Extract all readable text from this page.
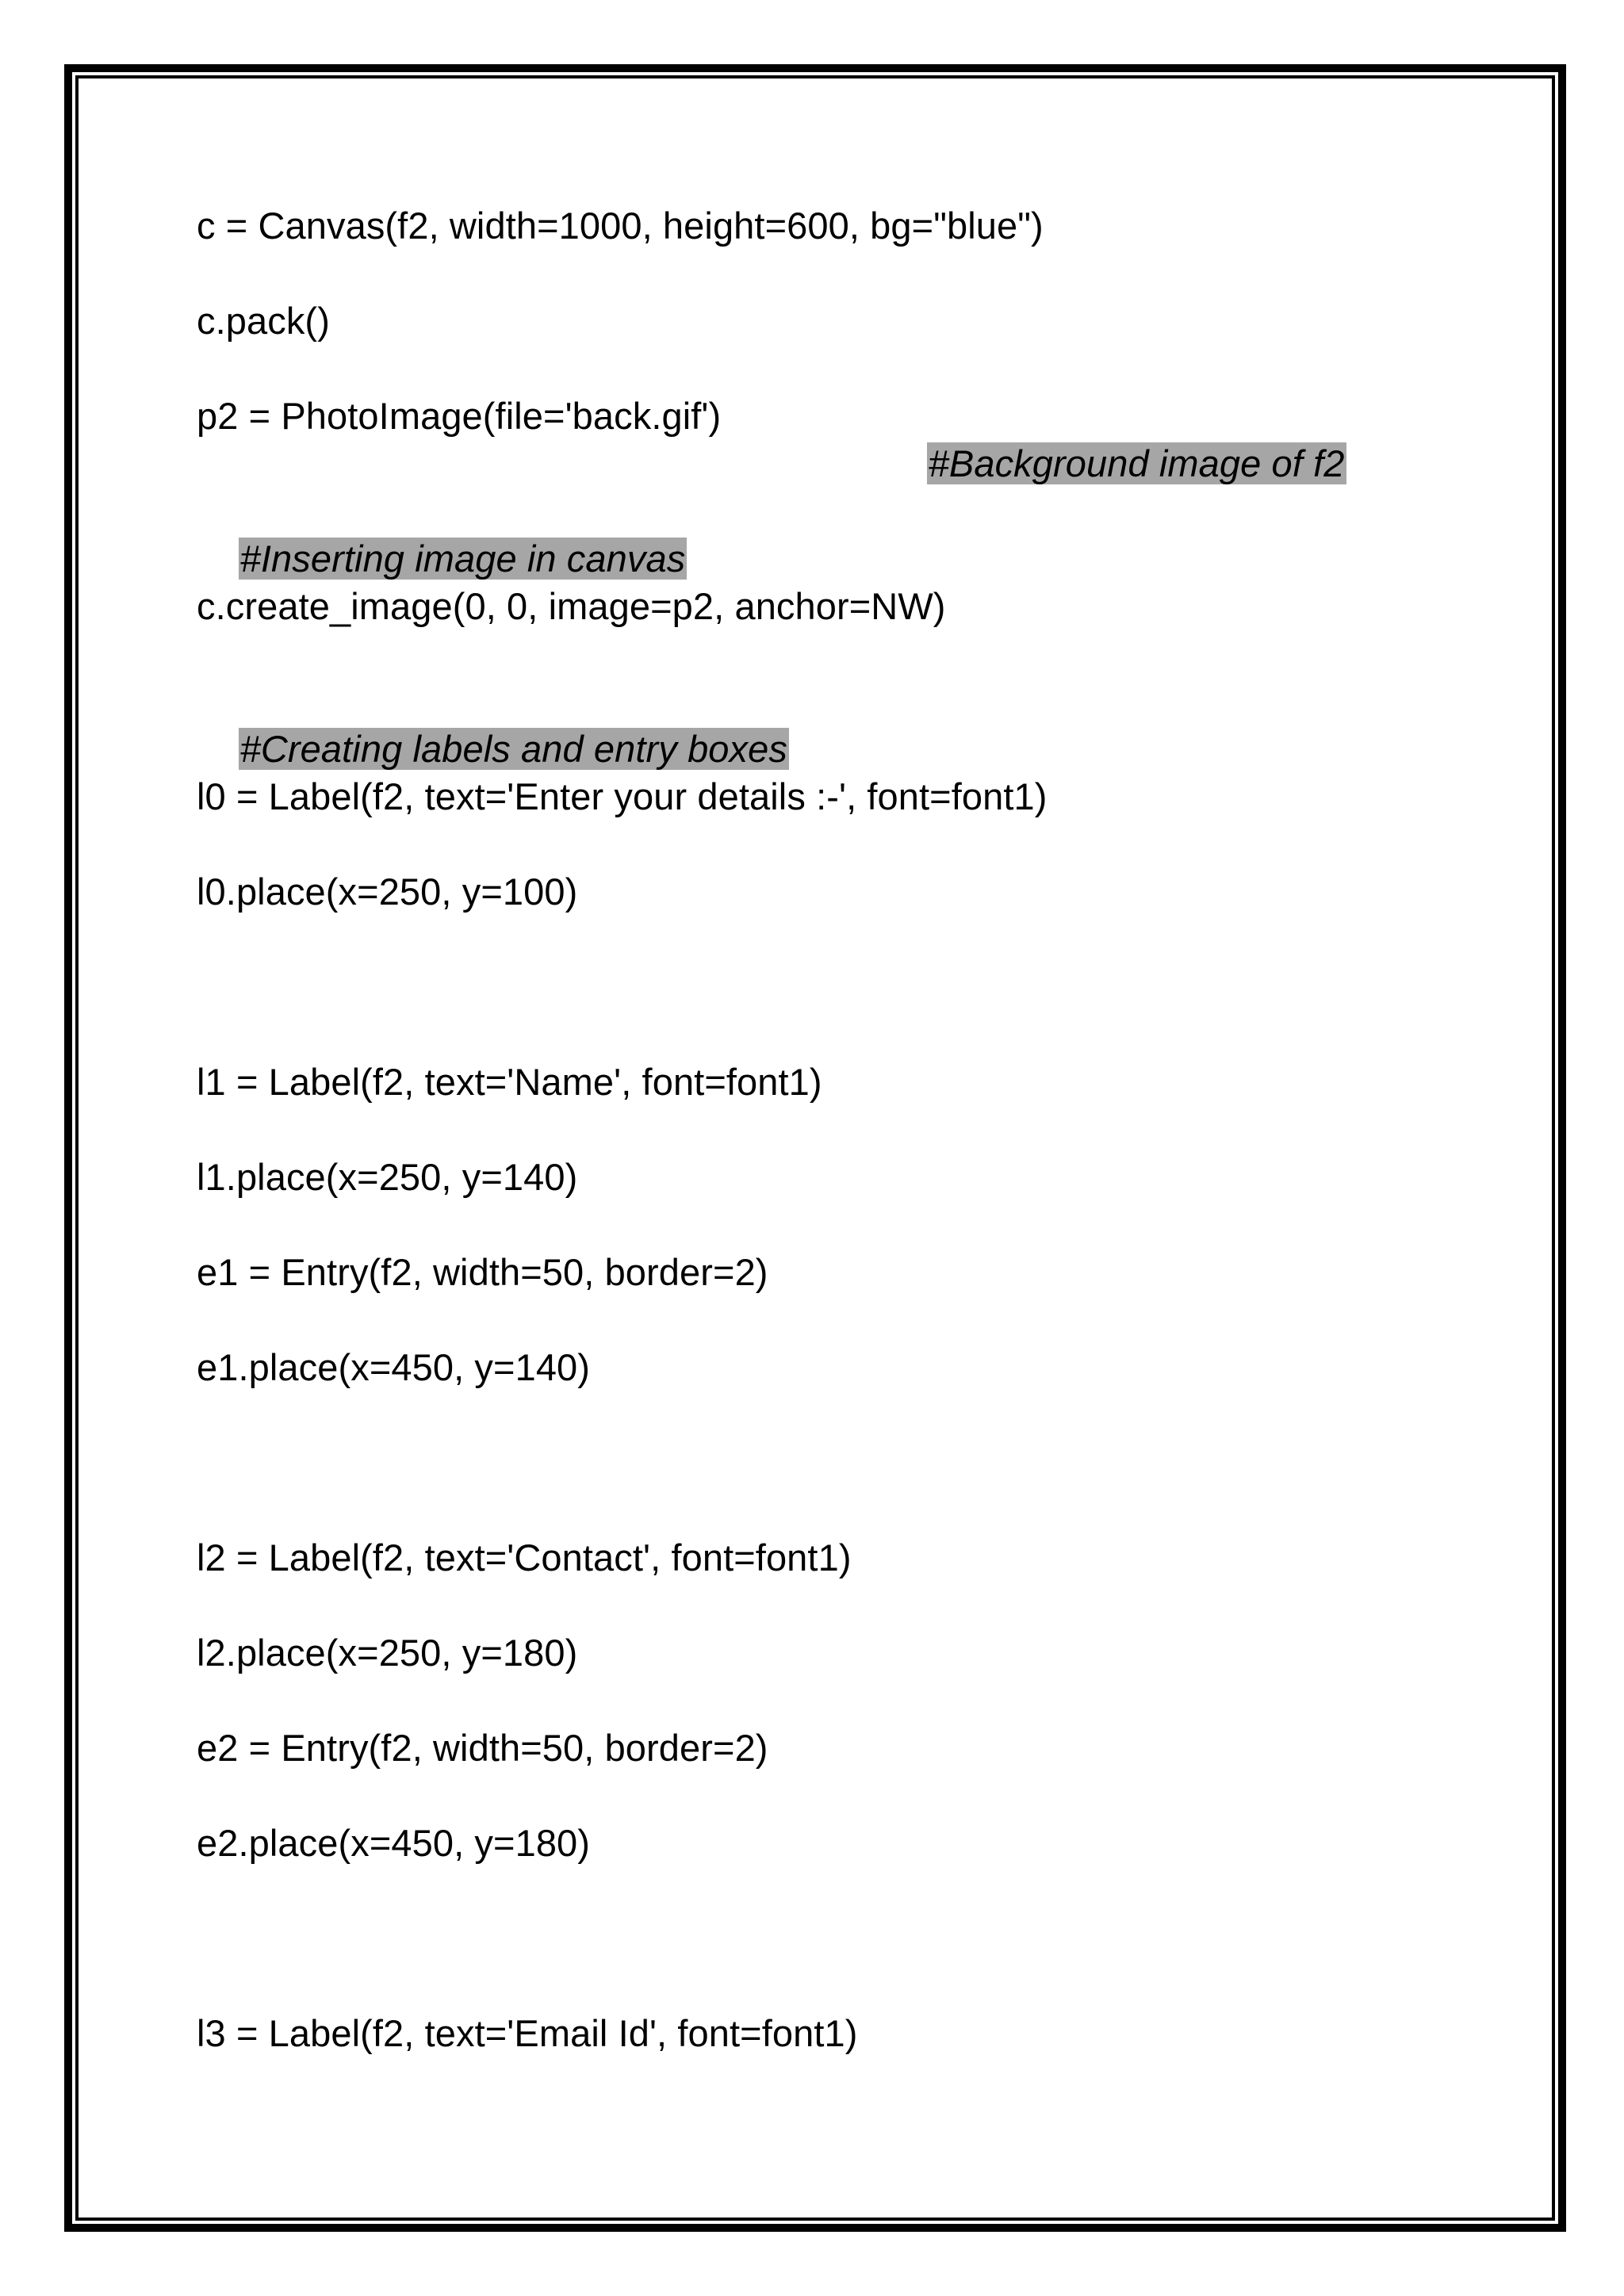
c = Canvas(f2, width=1000, height=600, bg="blue")
c.pack()
p2 = PhotoImage(file='back.gif')

#Background image of f2

#Inserting image in canvas

c.create_image(0, 0, image=p2, anchor=NW)

#Creating labels and entry boxes

l0 = Label(f2, text='Enter your details :-', font=font1)
l0.place(x=250, y=100)
l1 = Label(f2, text='Name', font=font1)
l1.place(x=250, y=140)
e1 = Entry(f2, width=50, border=2)
e1.place(x=450, y=140)
l2 = Label(f2, text='Contact', font=font1)
l2.place(x=250, y=180)
e2 = Entry(f2, width=50, border=2)
e2.place(x=450, y=180)
l3 = Label(f2, text='Email Id', font=font1)
